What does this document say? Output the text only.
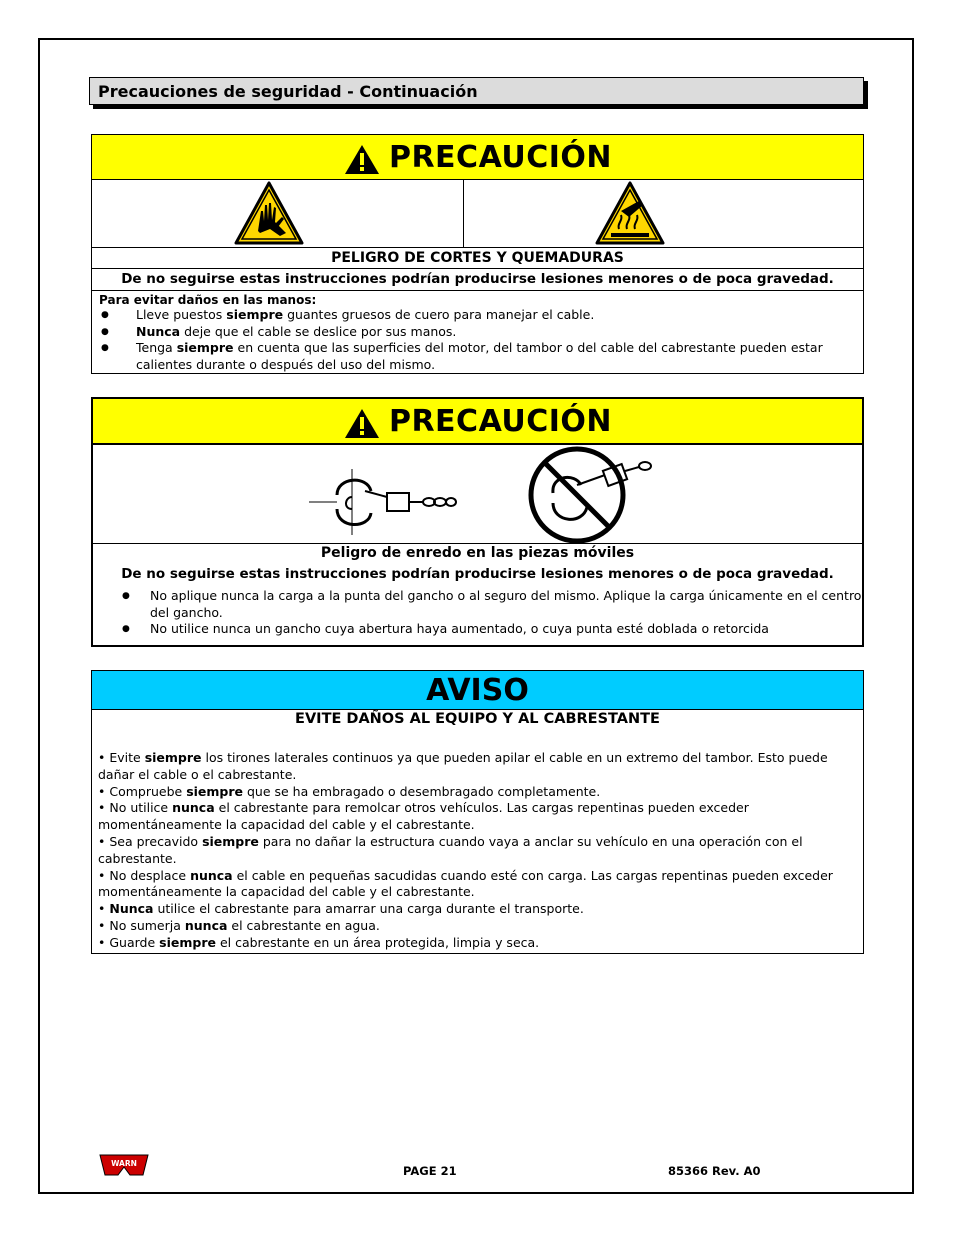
Precauciones de seguridad - Continuación
PRECAUCIÓN
PELIGRO DE CORTES Y QUEMADURAS
De no seguirse estas instrucciones podrían producirse lesiones menores o de poca gravedad.
Para evitar daños en las manos:
● Lleve puestos siempre guantes gruesos de cuero para manejar el cable.
● Nunca deje que el cable se deslice por sus manos.
● Tenga siempre en cuenta que las superficies del motor, del tambor o del cable del cabrestante pueden estar calientes durante o después del uso del mismo.
PRECAUCIÓN
Peligro de enredo en las piezas móviles
De no seguirse estas instrucciones podrían producirse lesiones menores o de poca gravedad.
● No aplique nunca la carga a la punta del gancho o al seguro del mismo. Aplique la carga únicamente en el centro del gancho.
● No utilice nunca un gancho cuya abertura haya aumentado, o cuya punta esté doblada o retorcida
AVISO
EVITE DAÑOS AL EQUIPO Y AL CABRESTANTE

• Evite siempre los tirones laterales continuos ya que pueden apilar el cable en un extremo del tambor. Esto puede dañar el cable o el cabrestante.

• Compruebe siempre que se ha embragado o desembragado completamente.

• No utilice nunca el cabrestante para remolcar otros vehículos. Las cargas repentinas pueden exceder momentáneamente la capacidad del cable y el cabrestante.

• Sea precavido siempre para no dañar la estructura cuando vaya a anclar su vehículo en una operación con el cabrestante.

• No desplace nunca el cable en pequeñas sacudidas cuando esté con carga. Las cargas repentinas pueden exceder momentáneamente la capacidad del cable y el cabrestante.

• Nunca utilice el cabrestante para amarrar una carga durante el transporte.

• No sumerja nunca el cabrestante en agua.

• Guarde siempre el cabrestante en un área protegida, limpia y seca.

WARN
PAGE 21	85366 Rev. A0
